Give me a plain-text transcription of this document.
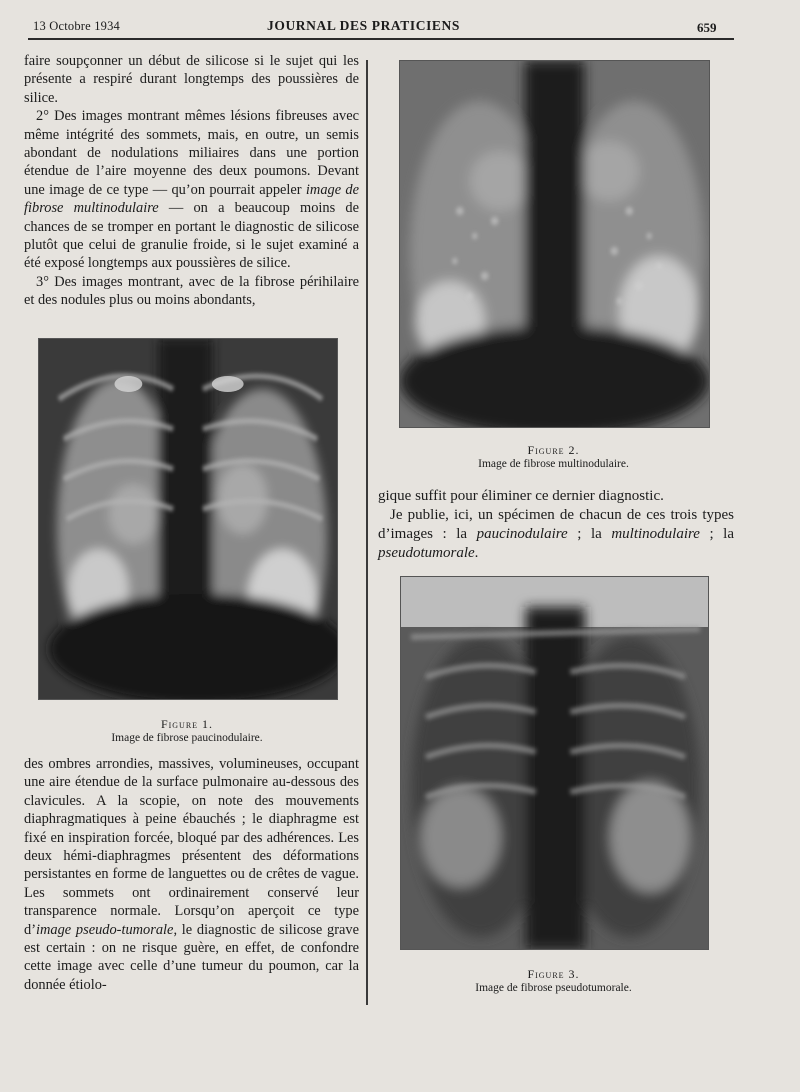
13 Octobre 1934	JOURNAL DES PRATICIENS	659

faire soupçonner un début de silicose si le sujet qui les présente a respiré durant longtemps des poussières de silice.

2° Des images montrant mêmes lésions fibreuses avec même intégrité des sommets, mais, en outre, un semis abondant de nodulations miliaires dans une portion étendue de l’aire moyenne des deux poumons. Devant une image de ce type — qu’on pourrait appeler image de fibrose multinodulaire — on a beaucoup moins de chances de se tromper en portant le diagnostic de silicose plutôt que celui de granulie froide, si le sujet examiné a été exposé longtemps aux poussières de silice.

3° Des images montrant, avec de la fibrose périhilaire et des nodules plus ou moins abondants,

Figure 1.
Image de fibrose paucinodulaire.

des ombres arrondies, massives, volumineuses, occupant une aire étendue de la surface pulmonaire au-dessous des clavicules. A la scopie, on note des mouvements diaphragmatiques à peine ébauchés ; le diaphragme est fixé en inspiration forcée, bloqué par des adhérences. Les deux hémi-diaphragmes présentent des déformations persistantes en forme de languettes ou de crêtes de vague. Les sommets ont ordinairement conservé leur transparence normale. Lorsqu’on aperçoit ce type d’image pseudo-tumorale, le diagnostic de silicose grave est certain : on ne risque guère, en effet, de confondre cette image avec celle d’une tumeur du poumon, car la donnée étiolo-

Figure 2.
Image de fibrose multinodulaire.

gique suffit pour éliminer ce dernier diagnostic.

Je publie, ici, un spécimen de chacun de ces trois types d’images : la paucinodulaire ; la multinodulaire ; la pseudotumorale.

Figure 3.
Image de fibrose pseudotumorale.
